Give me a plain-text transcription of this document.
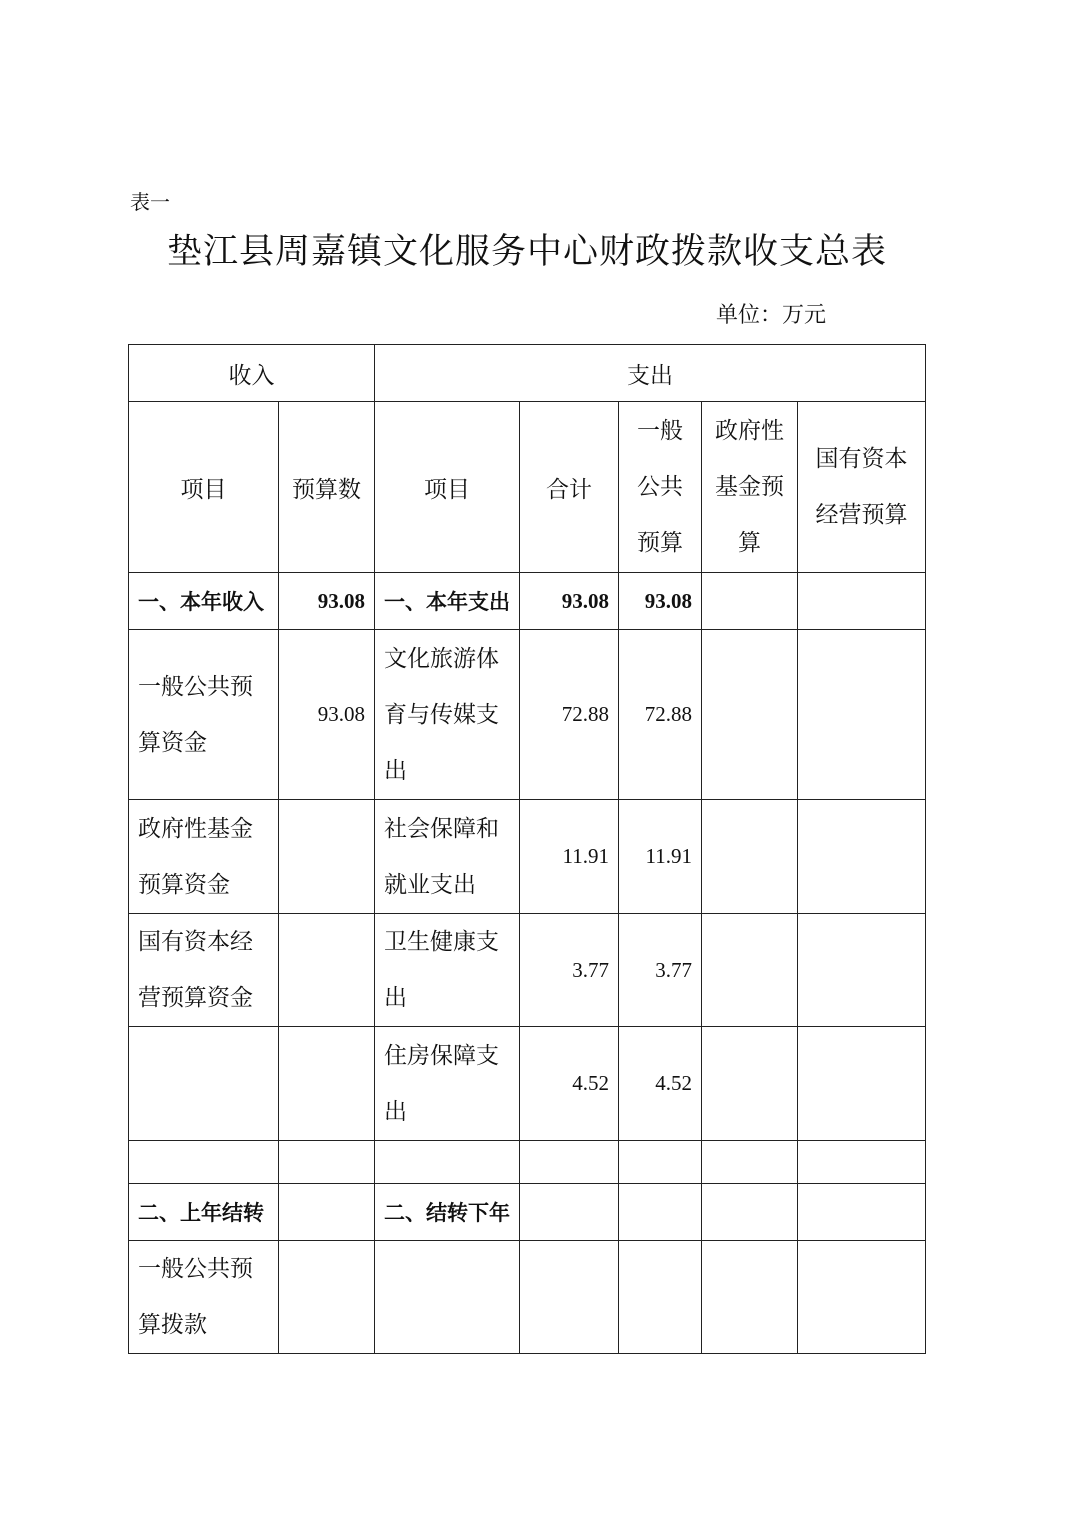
表一
垫江县周嘉镇文化服务中心财政拨款收支总表
单位：万元
收入		支出				
项目	预算数	项目	合计	一般公共预算	政府性基金预算	国有资本经营预算
一、本年收入	93.08	一、本年支出	93.08	93.08		
一般公共预算资金	93.08	文化旅游体育与传媒支出	72.88	72.88		
政府性基金预算资金		社会保障和就业支出	11.91	11.91		
国有资本经营预算资金		卫生健康支出	3.77	3.77		
		住房保障支出	4.52	4.52		

二、上年结转		二、结转下年				
一般公共预算拨款						
